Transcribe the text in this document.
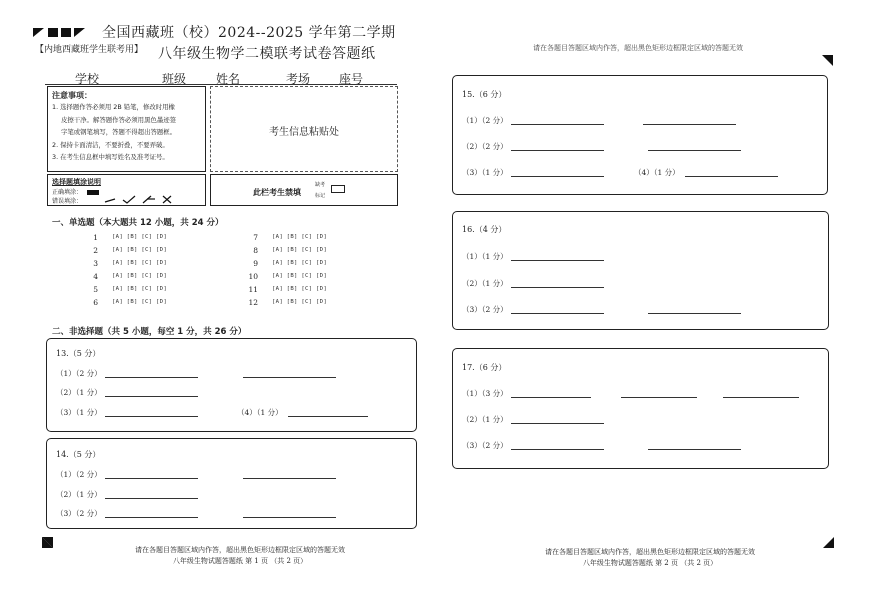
全国西藏班（校）2024--2025 学年第二学期
八年级生物学二模联考试卷答题纸
【内地西藏班学生联考用】	请在各题目答题区域内作答，超出黑色矩形边框限定区域的答题无效
学校	班级 姓名	考场 座号
注意事项：
1. 选择题作答必须用 2B 铅笔，修改时用橡
皮擦干净。解答题作答必须用黑色墨迹签
字笔或钢笔填写，答题不得超出答题框。
2. 保持卡面清洁，不要折叠，不要弄破。
3. 在考生信息框中填写姓名及准考证号。
考生信息粘贴处
选择题填涂说明
正确填涂：
错误填涂：
此栏考生禁填
缺考
标记
一、单选题（本大题共 12 小题，共 24 分）
1	[A] [B] [C] [D]
2	[A] [B] [C] [D]
3	[A] [B] [C] [D]
4	[A] [B] [C] [D]
5	[A] [B] [C] [D]
6	[A] [B] [C] [D]
7	[A] [B] [C] [D]
8	[A] [B] [C] [D]
9	[A] [B] [C] [D]
10	[A] [B] [C] [D]
11	[A] [B] [C] [D]
12	[A] [B] [C] [D]
二、非选择题（共 5 小题，每空 1 分，共 26 分）
13.（5 分）
（1）（2 分）
（2）（1 分）
（3）（1 分）	（4）（1 分）
14.（5 分）
（1）（2 分）
（2）（1 分）
（3）（2 分）
15.（6 分）
（1）（2 分）
（2）（2 分）
（3）（1 分）	（4）（1 分）
16.（4 分）
（1）（1 分）
（2）（1 分）
（3）（2 分）
17.（6 分）
（1）（3 分）
（2）（1 分）
（3）（2 分）
请在各题目答题区域内作答，超出黑色矩形边框限定区域的答题无效
八年级生物试题答题纸 第 1 页 （共 2 页）
请在各题目答题区域内作答，超出黑色矩形边框限定区域的答题无效
八年级生物试题答题纸 第 2 页 （共 2 页）
